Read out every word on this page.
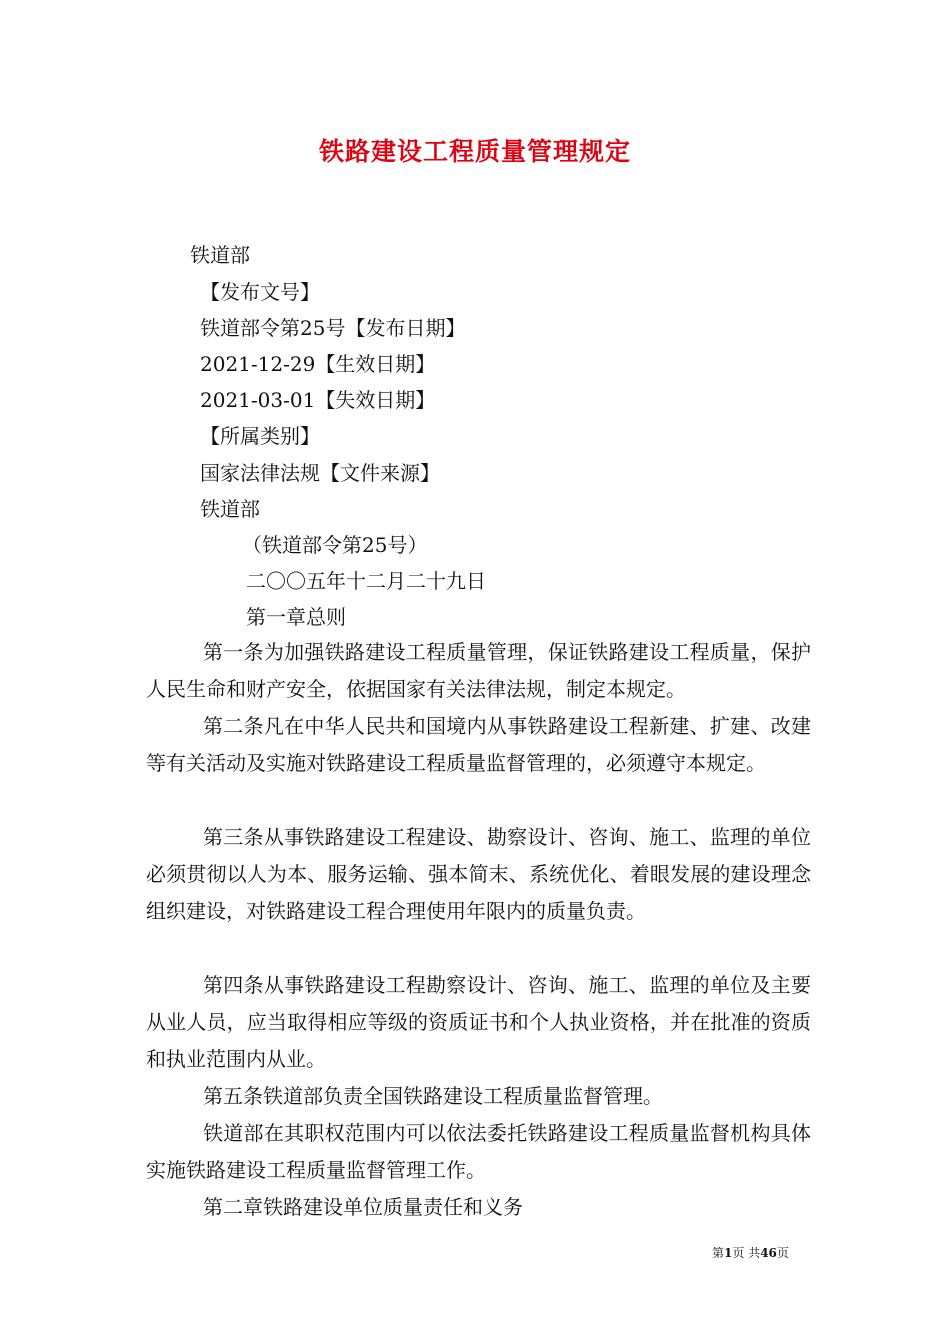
铁路建设工程质量管理规定
铁道部
【发布文号】
铁道部令第25号【发布日期】
2021-12-29【生效日期】
2021-03-01【失效日期】
【所属类别】
国家法律法规【文件来源】
铁道部
（铁道部令第25号）
二〇〇五年十二月二十九日
第一章总则
第一条为加强铁路建设工程质量管理，保证铁路建设工程质量，保护人民生命和财产安全，依据国家有关法律法规，制定本规定。
第二条凡在中华人民共和国境内从事铁路建设工程新建、扩建、改建等有关活动及实施对铁路建设工程质量监督管理的，必须遵守本规定。
第三条从事铁路建设工程建设、勘察设计、咨询、施工、监理的单位必须贯彻以人为本、服务运输、强本简末、系统优化、着眼发展的建设理念组织建设，对铁路建设工程合理使用年限内的质量负责。
第四条从事铁路建设工程勘察设计、咨询、施工、监理的单位及主要从业人员，应当取得相应等级的资质证书和个人执业资格，并在批准的资质和执业范围内从业。
第五条铁道部负责全国铁路建设工程质量监督管理。
铁道部在其职权范围内可以依法委托铁路建设工程质量监督机构具体实施铁路建设工程质量监督管理工作。
第二章铁路建设单位质量责任和义务
第1页 共46页
